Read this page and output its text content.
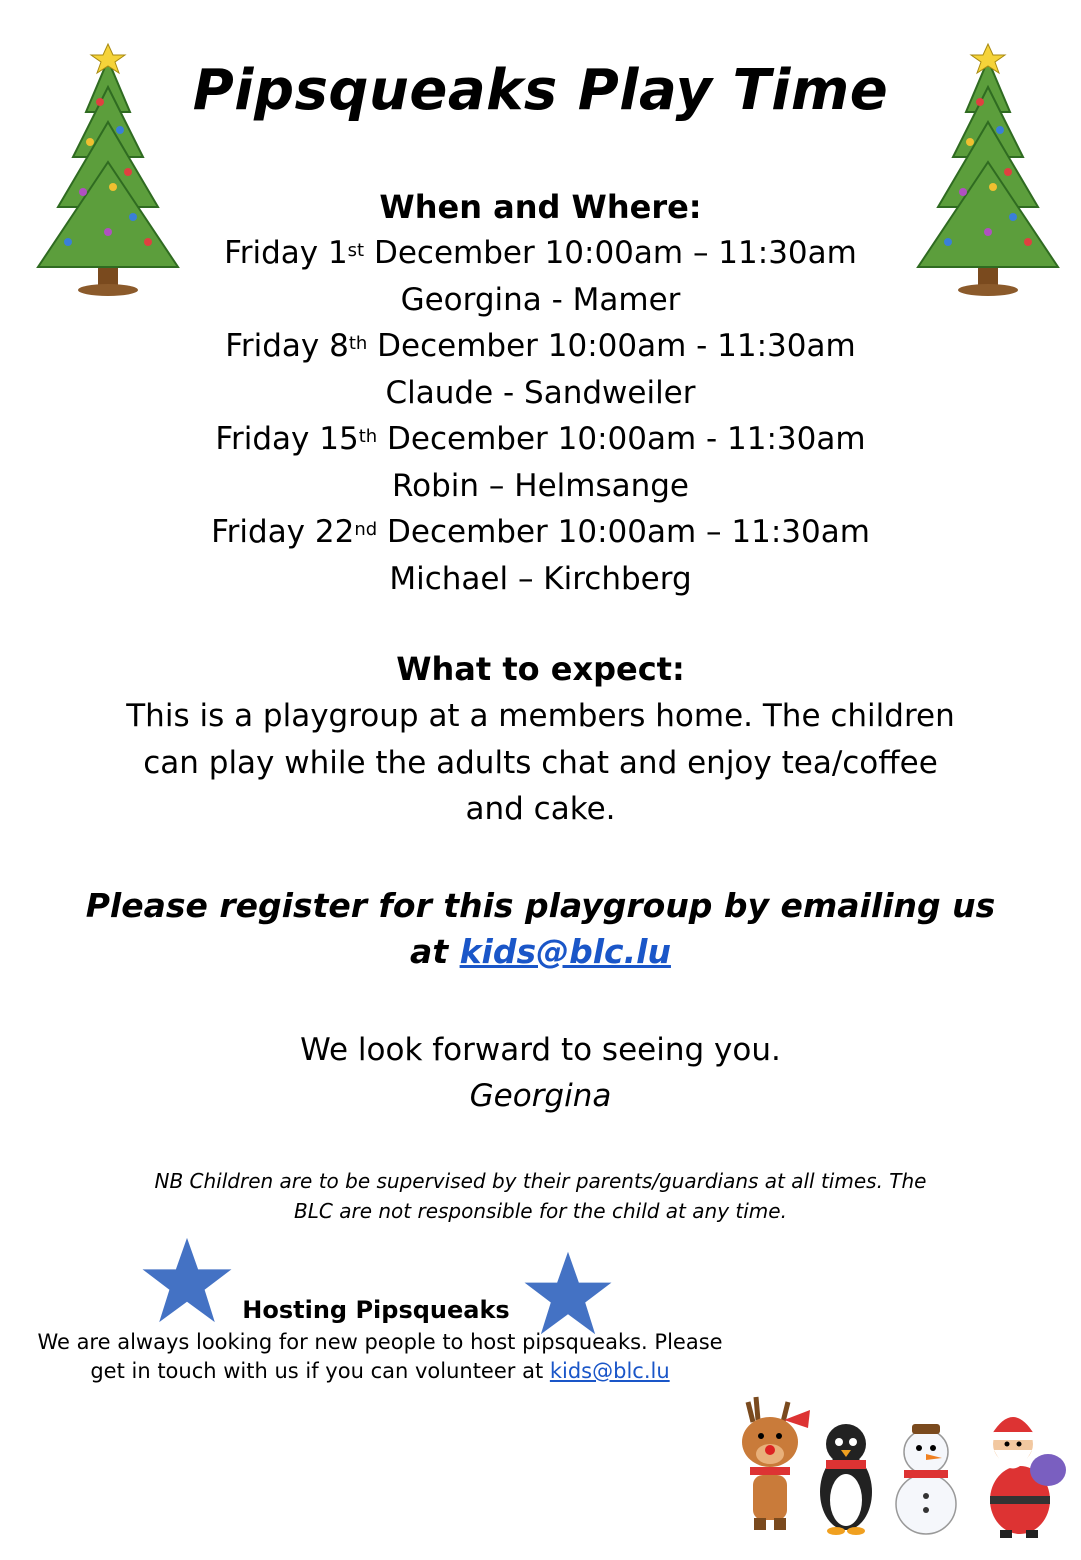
Pipsqueaks Play Time
When and Where:
Friday 1st December 10:00am – 11:30am
Georgina - Mamer
Friday 8th December 10:00am - 11:30am
Claude - Sandweiler
Friday 15th December 10:00am - 11:30am
Robin – Helmsange
Friday 22nd December 10:00am – 11:30am
Michael – Kirchberg
What to expect:
This is a playgroup at a members home. The children
can play while the adults chat and enjoy tea/coffee
and cake.
Please register for this playgroup by emailing us
at kids@blc.lu
We look forward to seeing you.
Georgina
NB Children are to be supervised by their parents/guardians at all times. The
BLC are not responsible for the child at any time.
Hosting Pipsqueaks
We are always looking for new people to host pipsqueaks. Please
get in touch with us if you can volunteer at kids@blc.lu
